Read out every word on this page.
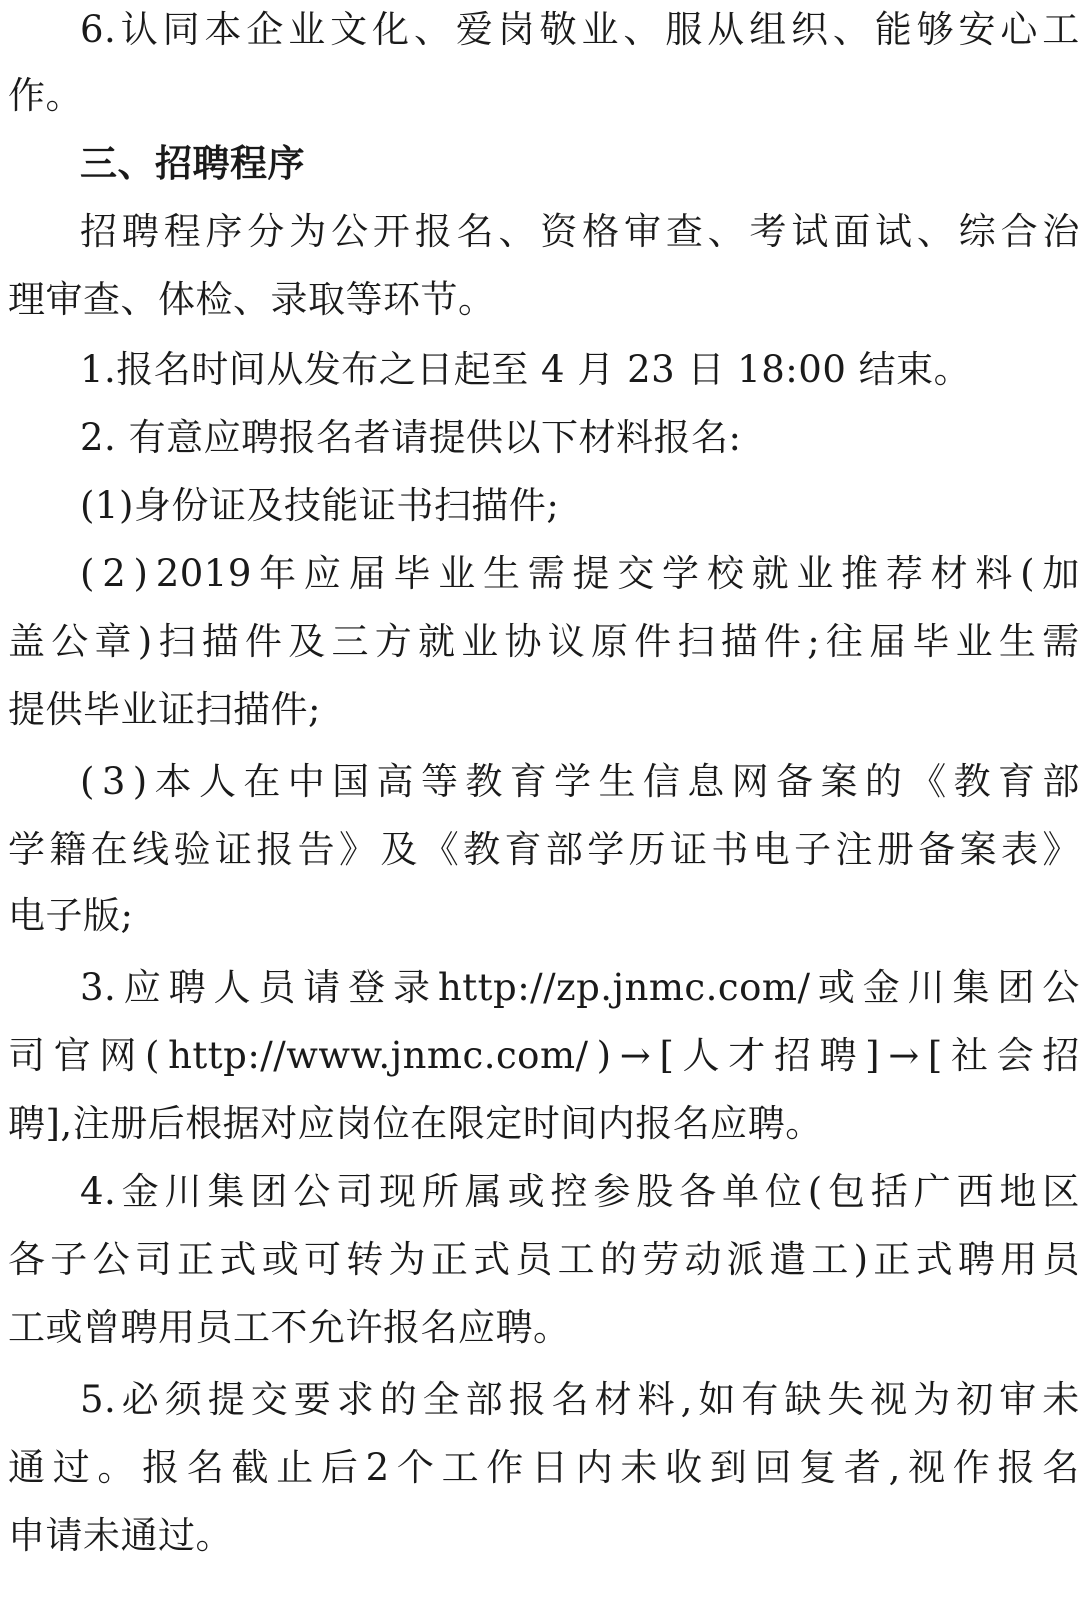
6. 认 同 本 企 业 文 化 、 爱 岗 敬 业 、 服 从 组 织 、 能 够 安 心 工
作。
三、招聘程序
招 聘 程 序 分 为 公 开 报 名 、 资 格 审 查 、 考 试 面 试 、 综 合 治
理审查、体检、录取等环节。
1.报名时间从发布之日起至 4 月 23 日 18:00 结束。
2. 有意应聘报名者请提供以下材料报名:
(1)身份证及技能证书扫描件;
( 2 ) 2019 年 应 届 毕 业 生 需 提 交 学 校 就 业 推 荐 材 料 ( 加
盖 公 章 ) 扫 描 件 及 三 方 就 业 协 议 原 件 扫 描 件 ; 往 届 毕 业 生 需
提供毕业证扫描件;
( 3 ) 本 人 在 中 国 高 等 教 育 学 生 信 息 网 备 案 的 《 教 育 部
学 籍 在 线 验 证 报 告 》 及 《 教 育 部 学 历 证 书 电 子 注 册 备 案 表 》
电子版;
3. 应 聘 人 员 请 登 录 http://zp.jnmc.com/ 或 金 川 集 团 公
司 官 网 ( http://www.jnmc.com/ ) → [ 人 才 招 聘 ] → [ 社 会 招
聘],注册后根据对应岗位在限定时间内报名应聘。
4. 金 川 集 团 公 司 现 所 属 或 控 参 股 各 单 位 ( 包 括 广 西 地 区
各 子 公 司 正 式 或 可 转 为 正 式 员 工 的 劳 动 派 遣 工 ) 正 式 聘 用 员
工或曾聘用员工不允许报名应聘。
5. 必 须 提 交 要 求 的 全 部 报 名 材 料 , 如 有 缺 失 视 为 初 审 未
通 过 。 报 名 截 止 后 2 个 工 作 日 内 未 收 到 回 复 者 , 视 作 报 名
申请未通过。
